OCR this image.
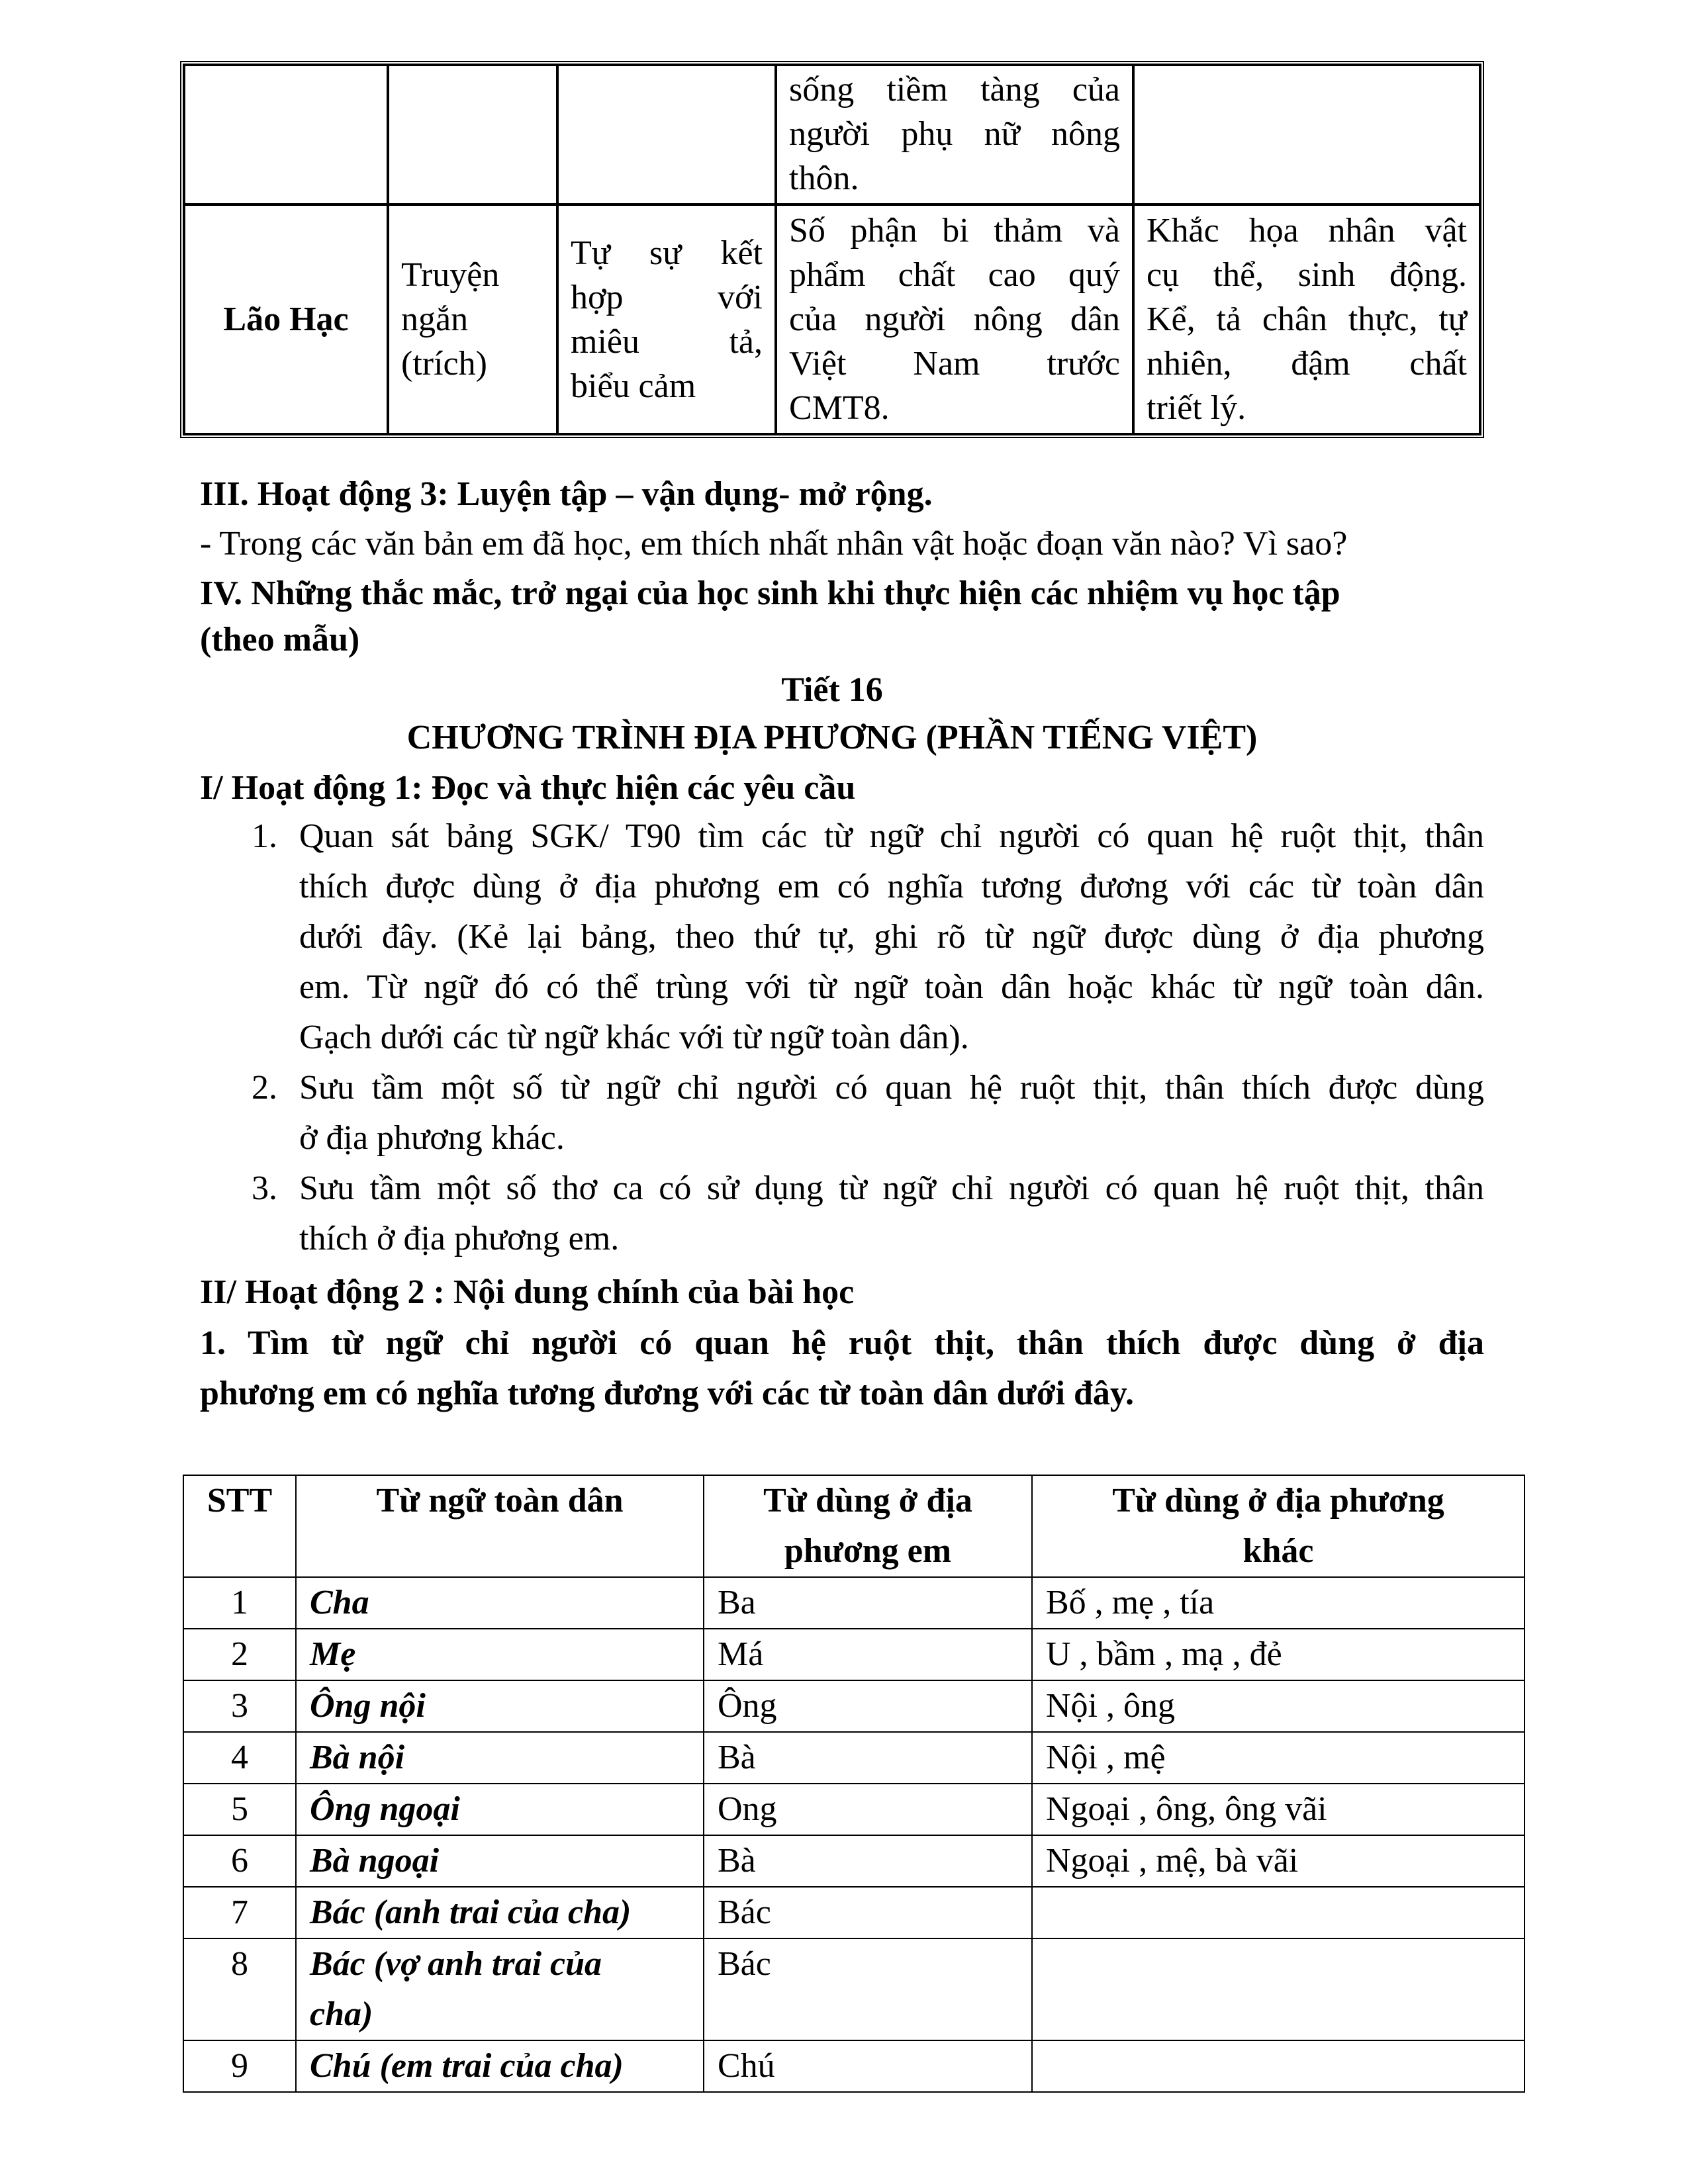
			sống tiềm tàng của
người phụ nữ nông
thôn.	

Lão Hạc	Truyện
ngắn
(trích)	Tự sự kết
hợp với
miêu tả,
biểu cảm	Số phận bi thảm và
phẩm chất cao quý
của người nông dân
Việt Nam trước
CMT8.	Khắc họa nhân vật
cụ thể, sinh động.
Kể, tả chân thực, tự
nhiên, đậm chất
triết lý.
III. Hoạt động 3: Luyện tập – vận dụng- mở rộng.
- Trong các văn bản em đã học, em thích nhất nhân vật hoặc đoạn văn nào? Vì sao?
IV. Những thắc mắc, trở ngại của học sinh khi thực hiện các nhiệm vụ học tập
(theo mẫu)
Tiết 16
CHƯƠNG TRÌNH ĐỊA PHƯƠNG (PHẦN TIẾNG VIỆT)
I/ Hoạt động 1: Đọc và thực hiện các yêu cầu
1. Quan sát bảng SGK/ T90 tìm các từ ngữ chỉ người có quan hệ ruột thịt, thân
thích được dùng ở địa phương em có nghĩa tương đương với các từ toàn dân
dưới đây. (Kẻ lại bảng, theo thứ tự, ghi rõ từ ngữ được dùng ở địa phương
em. Từ ngữ đó có thể trùng với từ ngữ toàn dân hoặc khác từ ngữ toàn dân.
Gạch dưới các từ ngữ khác với từ ngữ toàn dân).
2. Sưu tầm một số từ ngữ chỉ người có quan hệ ruột thịt, thân thích được dùng
ở địa phương khác.
3. Sưu tầm một số thơ ca có sử dụng từ ngữ chỉ người có quan hệ ruột thịt, thân
thích ở địa phương em.
II/ Hoạt động 2 : Nội dung chính của bài học
1. Tìm từ ngữ chỉ người có quan hệ ruột thịt, thân thích được dùng ở địa
phương em có nghĩa tương đương với các từ toàn dân dưới đây.
STT	Từ ngữ toàn dân	Từ dùng ở địa
phương em	Từ dùng ở địa phương
khác
1	Cha	Ba	Bố , mẹ , tía
2	Mẹ	Má	U , bầm , mạ , đẻ
3	Ông nội	Ông	Nội , ông
4	Bà nội	Bà	Nội , mệ
5	Ông ngoại	Ong	Ngoại , ông, ông vãi
6	Bà ngoại	Bà	Ngoại , mệ, bà vãi
7	Bác (anh trai của cha)	Bác	
8	Bác (vợ anh trai của
cha)	Bác	
9	Chú (em trai của cha)	Chú	
